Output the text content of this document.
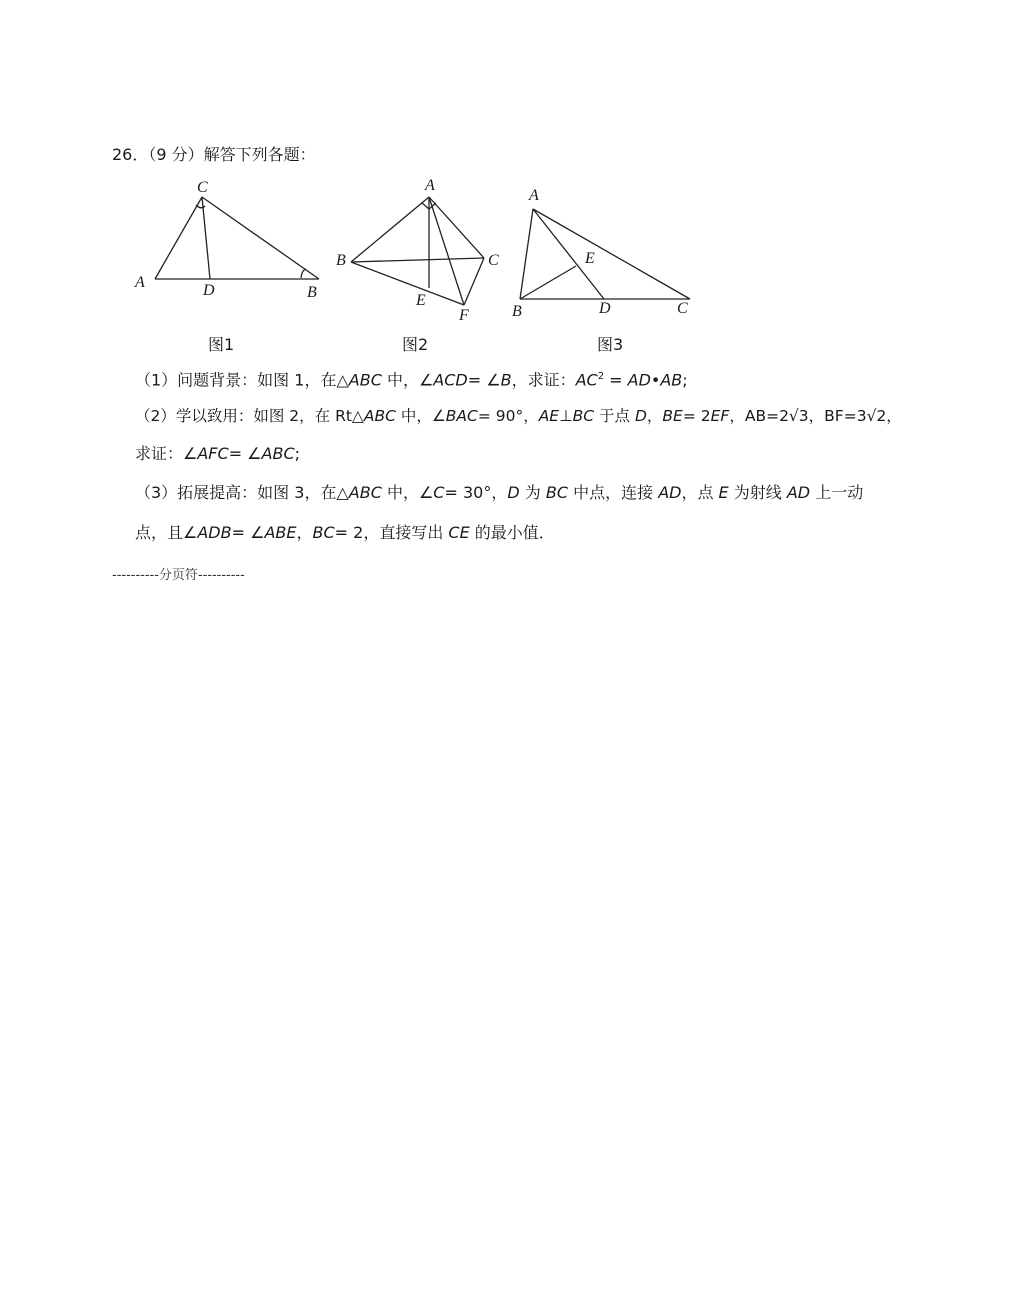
26．（9 分）解答下列各题：
C
A	D	B
图1
A
B	C
E
F
图2
A
E
B	D	C
图3
（1）问题背景：如图 1，在△ABC 中，∠ACD= ∠B，求证：$AC^2$ = AD•AB;
（2）学以致用：如图 2，在 Rt△ABC 中，∠BAC= 90°，AE⊥BC 于点 D，BE= 2EF，AB=2√3，BF=3√2，
求证：∠AFC= ∠ABC;
（3）拓展提高：如图 3，在△ABC 中，∠C= 30°，D 为 BC 中点，连接 AD，点 E 为射线 AD 上一动
点，且∠ADB= ∠ABE，BC= 2，直接写出 CE 的最小值．
----------分页符----------
